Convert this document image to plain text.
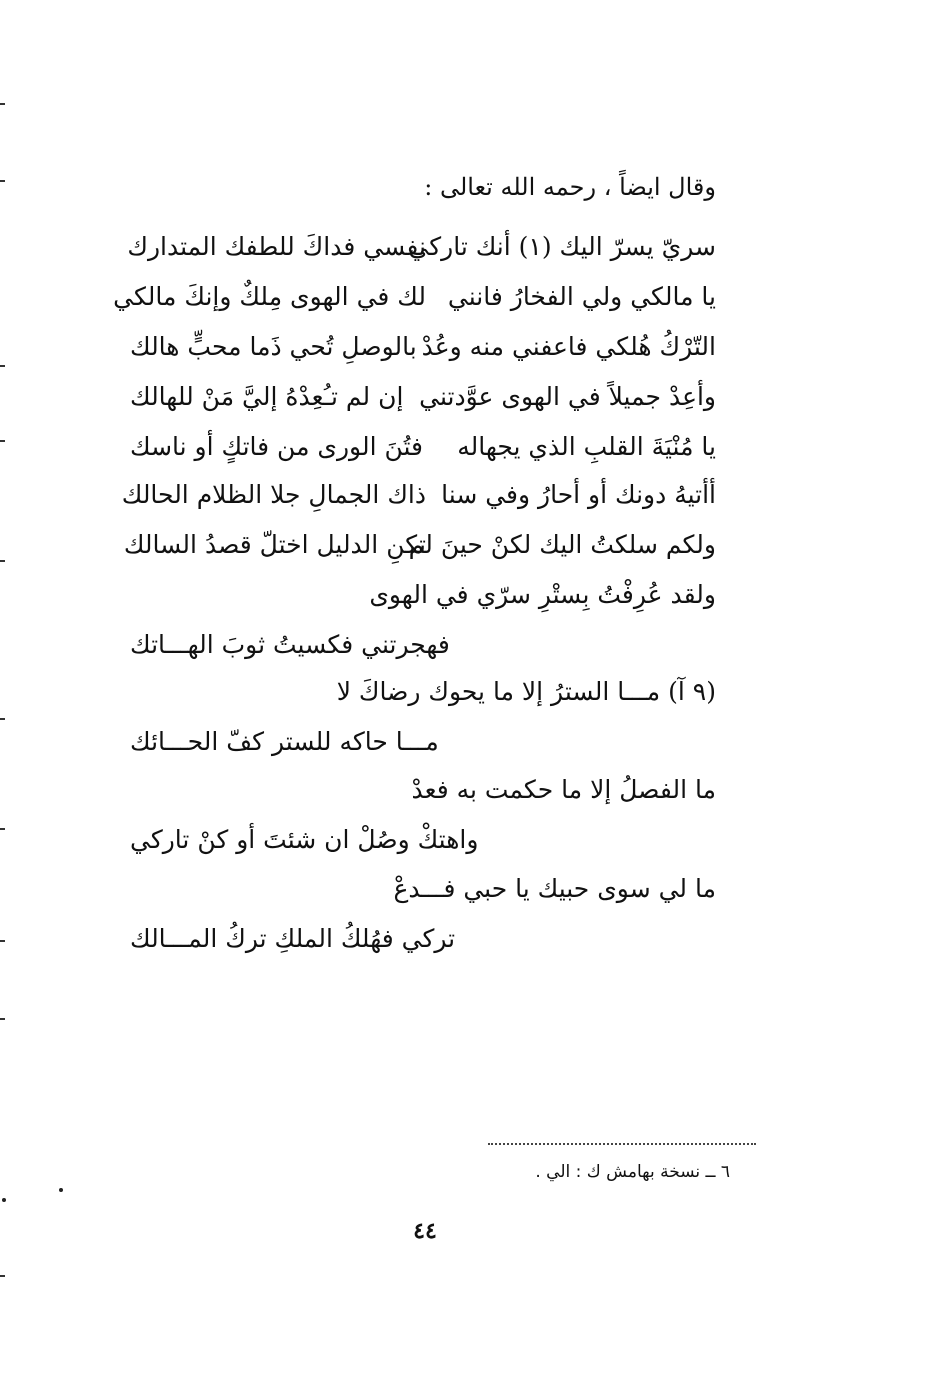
وقال ايضاً ، رحمه الله تعالى :
سريّ يسرّ اليك (١) أنك تاركي
نفسي فداكَ للطفك المتدارك
يا مالكي ولي الفخارُ فانني
لك في الهوى مِلكٌ وإنكَ مالكي
التّرْكُ هُلكي فاعفني منه وعُدْ
بالوصلِ تُحي ذَما محبٍّ هالك
وأعِدْ جميلاً في الهوى عوَّدتني
إن لم تـُعِدْهُ إليَّ مَنْ للهالك
يا مُنْيَةَ القلبِ الذي يجهاله
فتُنَ الورى من فاتكٍ أو ناسك
أأتيهُ دونك أو أحارُ وفي سنا
ذاك الجمالِ جلا الظلام الحالك
ولكم سلكتُ اليك لكنْ حينَ لم
تكنِ الدليل اختلّ قصدُ السالك
ولقد عُرِفْتُ بِستْرِ سرّي في الهوى
فهجرتني فكسيتُ ثوبَ الهـــاتك
(٩ آ) مـــا السترُ إلا ما يحوك رضاكَ لا
مـــا حاكه للستر كفّ الحـــائك
ما الفصلُ إلا ما حكمت به فعدْ
واهتكْ وصُلْ ان شئتَ أو كنْ تاركي
ما لي سوى حبيك يا حبي فـــدعْ
تركي فهُلكُ الملكِ تركُ المـــالك
٦ ــ نسخة بهامش ك : الي .
٤٤
